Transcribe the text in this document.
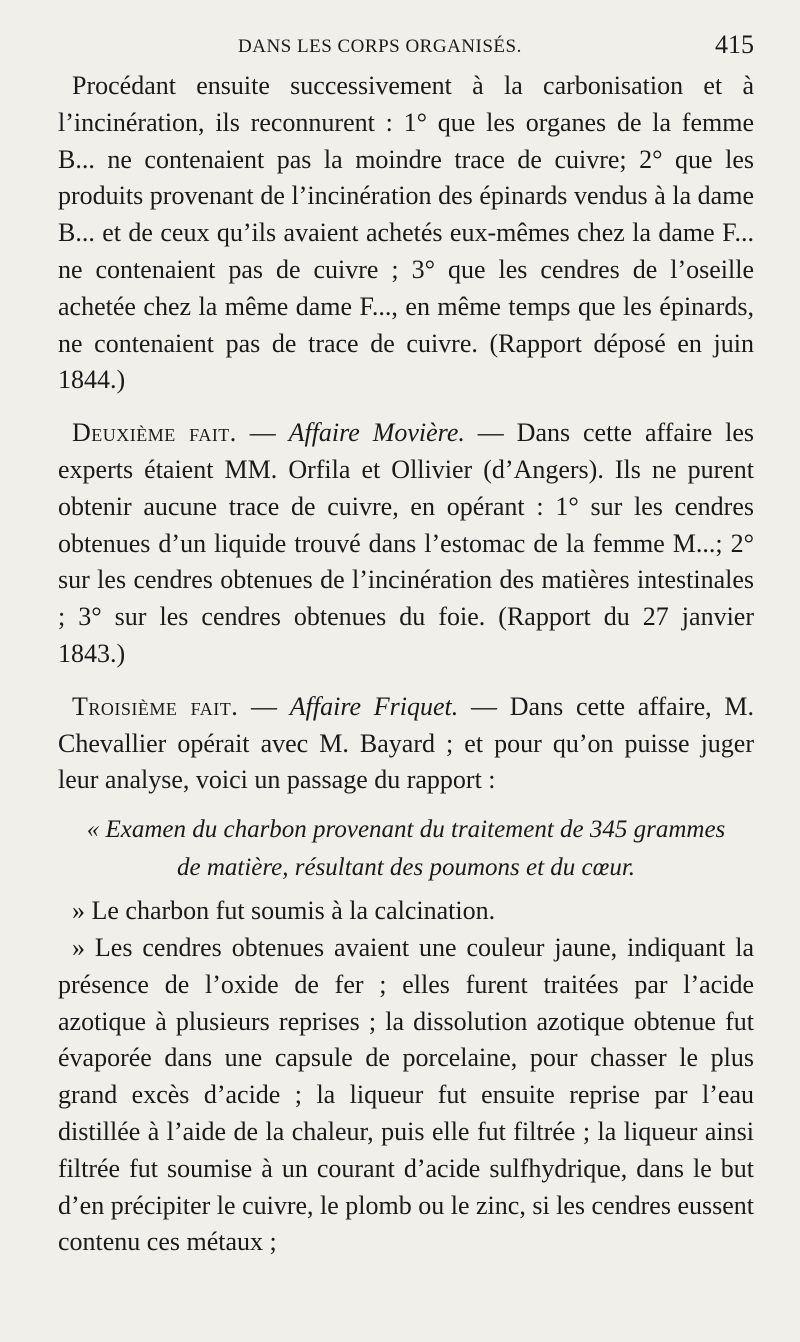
DANS LES CORPS ORGANISÉS.	415

Procédant ensuite successivement à la carbonisation et à l’incinération, ils reconnurent : 1° que les organes de la femme B... ne contenaient pas la moindre trace de cuivre; 2° que les produits provenant de l’incinération des épinards vendus à la dame B... et de ceux qu’ils avaient achetés eux-mêmes chez la dame F... ne contenaient pas de cuivre ; 3° que les cendres de l’oseille achetée chez la même dame F..., en même temps que les épinards, ne contenaient pas de trace de cuivre. (Rapport déposé en juin 1844.)

Deuxième fait. — Affaire Movière. — Dans cette affaire les experts étaient MM. Orfila et Ollivier (d’Angers). Ils ne purent obtenir aucune trace de cuivre, en opérant : 1° sur les cendres obtenues d’un liquide trouvé dans l’estomac de la femme M...; 2° sur les cendres obtenues de l’incinération des matières intestinales ; 3° sur les cendres obtenues du foie. (Rapport du 27 janvier 1843.)

Troisième fait. — Affaire Friquet. — Dans cette affaire, M. Chevallier opérait avec M. Bayard ; et pour qu’on puisse juger leur analyse, voici un passage du rapport :

« Examen du charbon provenant du traitement de 345 grammes
de matière, résultant des poumons et du cœur.

» Le charbon fut soumis à la calcination.

» Les cendres obtenues avaient une couleur jaune, indiquant la présence de l’oxide de fer ; elles furent traitées par l’acide azotique à plusieurs reprises ; la dissolution azotique obtenue fut évaporée dans une capsule de porcelaine, pour chasser le plus grand excès d’acide ; la liqueur fut ensuite reprise par l’eau distillée à l’aide de la chaleur, puis elle fut filtrée ; la liqueur ainsi filtrée fut soumise à un courant d’acide sulfhydrique, dans le but d’en précipiter le cuivre, le plomb ou le zinc, si les cendres eussent contenu ces métaux ;
